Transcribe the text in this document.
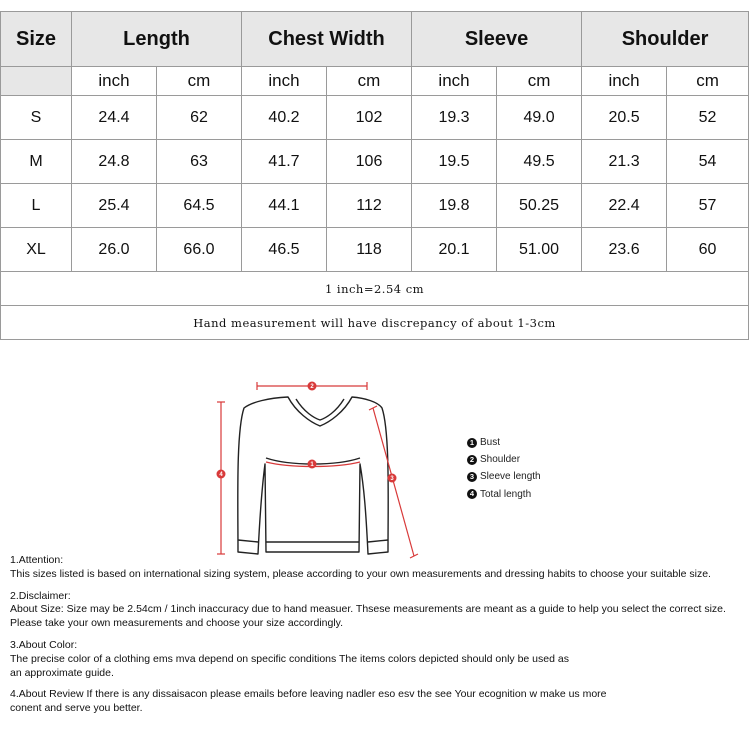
Size	Length		Chest Width		Sleeve		Shoulder	
	inch	cm	inch	cm	inch	cm	inch	cm
S	24.4	62	40.2	102	19.3	49.0	20.5	52
M	24.8	63	41.7	106	19.5	49.5	21.3	54
L	25.4	64.5	44.1	112	19.8	50.25	22.4	57
XL	26.0	66.0	46.5	118	20.1	51.00	23.6	60
1 inch=2.54 cm								
Hand measurement will have discrepancy of about 1-3cm								
1
2
3
4
1 Bust
2 Shoulder
3 Sleeve length
4 Total length

1.Attention:

This sizes listed is based on international sizing system, please according to your own measurements and dressing habits to choose your suitable size.

2.Disclaimer:

About Size: Size may be 2.54cm / 1inch inaccuracy due to hand measuer. Thsese measurements are meant as a guide to help you select the correct size.

Please take your own measurements and choose your size accordingly.

3.About Color:

The precise color of a clothing ems mva depend on specific conditions The items colors depicted should only be used as

an approximate guide.

4.About Review If there is any dissaisacon please emails before leaving nadler eso esv the see Your ecognition w make us more

conent and serve you better.
